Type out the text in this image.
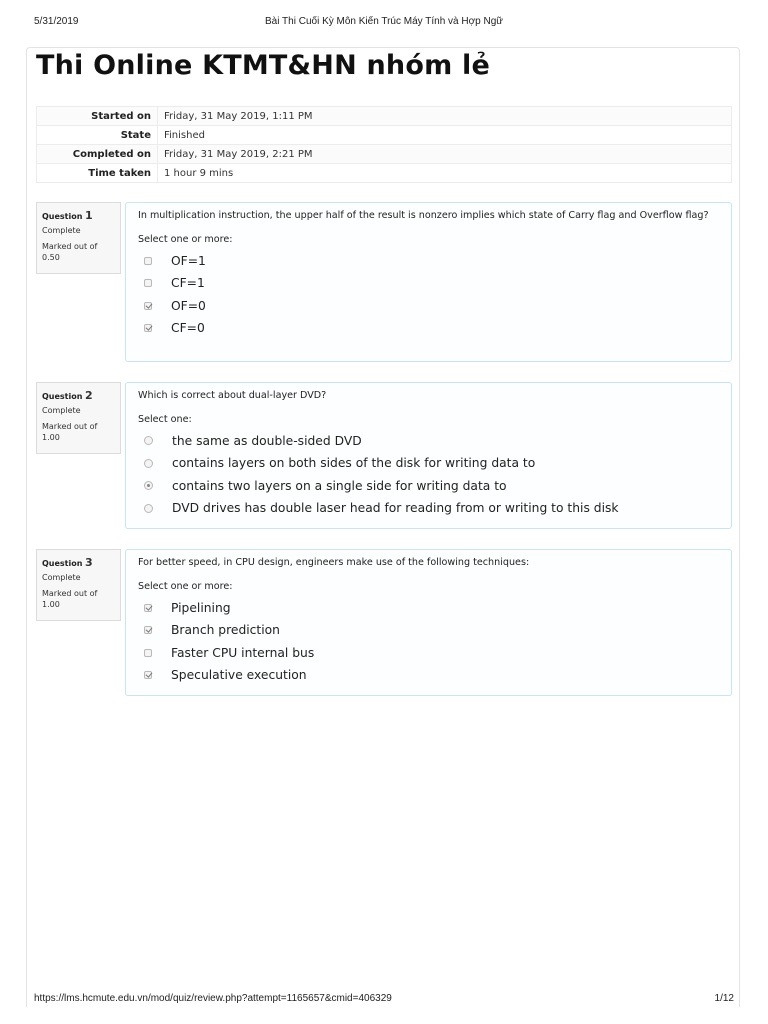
5/31/2019	Bài Thi Cuối Kỳ Môn Kiến Trúc Máy Tính và Hợp Ngữ
Thi Online KTMT&HN nhóm lẻ
Started on	Friday, 31 May 2019, 1:11 PM
State	Finished
Completed on	Friday, 31 May 2019, 2:21 PM
Time taken	1 hour 9 mins
Question 1
Complete
Marked out of
0.50

In multiplication instruction, the upper half of the result is nonzero implies which state of Carry flag and Overflow flag?

Select one or more:

OF=1
CF=1
OF=0
CF=0
Question 2
Complete
Marked out of
1.00

Which is correct about dual-layer DVD?

Select one:

the same as double-sided DVD
contains layers on both sides of the disk for writing data to
contains two layers on a single side for writing data to
DVD drives has double laser head for reading from or writing to this disk
Question 3
Complete
Marked out of
1.00

For better speed, in CPU design, engineers make use of the following techniques:

Select one or more:

Pipelining
Branch prediction
Faster CPU internal bus
Speculative execution
https://lms.hcmute.edu.vn/mod/quiz/review.php?attempt=1165657&cmid=406329	1/12
